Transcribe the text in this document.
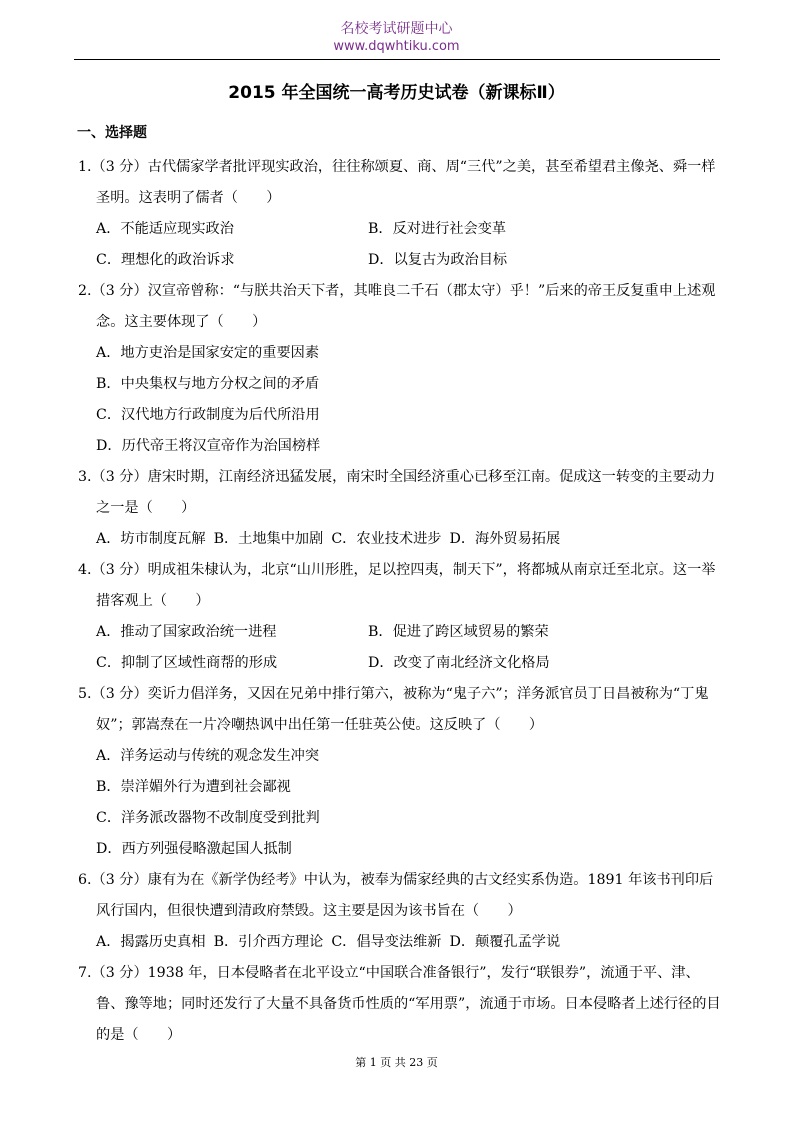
名校考试研题中心
www.dqwhtiku.com
2015 年全国统一高考历史试卷（新课标Ⅱ）
一、选择题

1.（3 分）古代儒家学者批评现实政治，往往称颂夏、商、周“三代”之美，甚至希望君主像尧、舜一样圣明。这表明了儒者（　　）

A．不能适应现实政治	B．反对进行社会变革
C．理想化的政治诉求	D．以复古为政治目标

2.（3 分）汉宣帝曾称：“与朕共治天下者，其唯良二千石（郡太守）乎！”后来的帝王反复重申上述观念。这主要体现了（　　）

A．地方吏治是国家安定的重要因素
B．中央集权与地方分权之间的矛盾
C．汉代地方行政制度为后代所沿用
D．历代帝王将汉宣帝作为治国榜样

3.（3 分）唐宋时期，江南经济迅猛发展，南宋时全国经济重心已移至江南。促成这一转变的主要动力之一是（　　）

A．坊市制度瓦解 B．土地集中加剧 C．农业技术进步 D．海外贸易拓展

4.（3 分）明成祖朱棣认为，北京“山川形胜，足以控四夷，制天下”，将都城从南京迁至北京。这一举措客观上（　　）

A．推动了国家政治统一进程	B．促进了跨区域贸易的繁荣
C．抑制了区域性商帮的形成	D．改变了南北经济文化格局

5.（3 分）奕䜣力倡洋务，又因在兄弟中排行第六，被称为“鬼子六”；洋务派官员丁日昌被称为“丁鬼奴”；郭嵩焘在一片冷嘲热讽中出任第一任驻英公使。这反映了（　　）

A．洋务运动与传统的观念发生冲突
B．崇洋媚外行为遭到社会鄙视
C．洋务派改器物不改制度受到批判
D．西方列强侵略激起国人抵制

6.（3 分）康有为在《新学伪经考》中认为，被奉为儒家经典的古文经实系伪造。1891 年该书刊印后风行国内，但很快遭到清政府禁毁。这主要是因为该书旨在（　　）

A．揭露历史真相 B．引介西方理论 C．倡导变法维新 D．颠覆孔孟学说

7.（3 分）1938 年，日本侵略者在北平设立“中国联合准备银行”，发行“联银券”，流通于平、津、鲁、豫等地；同时还发行了大量不具备货币性质的“军用票”，流通于市场。日本侵略者上述行径的目的是（　　）

第 1 页 共 23 页
